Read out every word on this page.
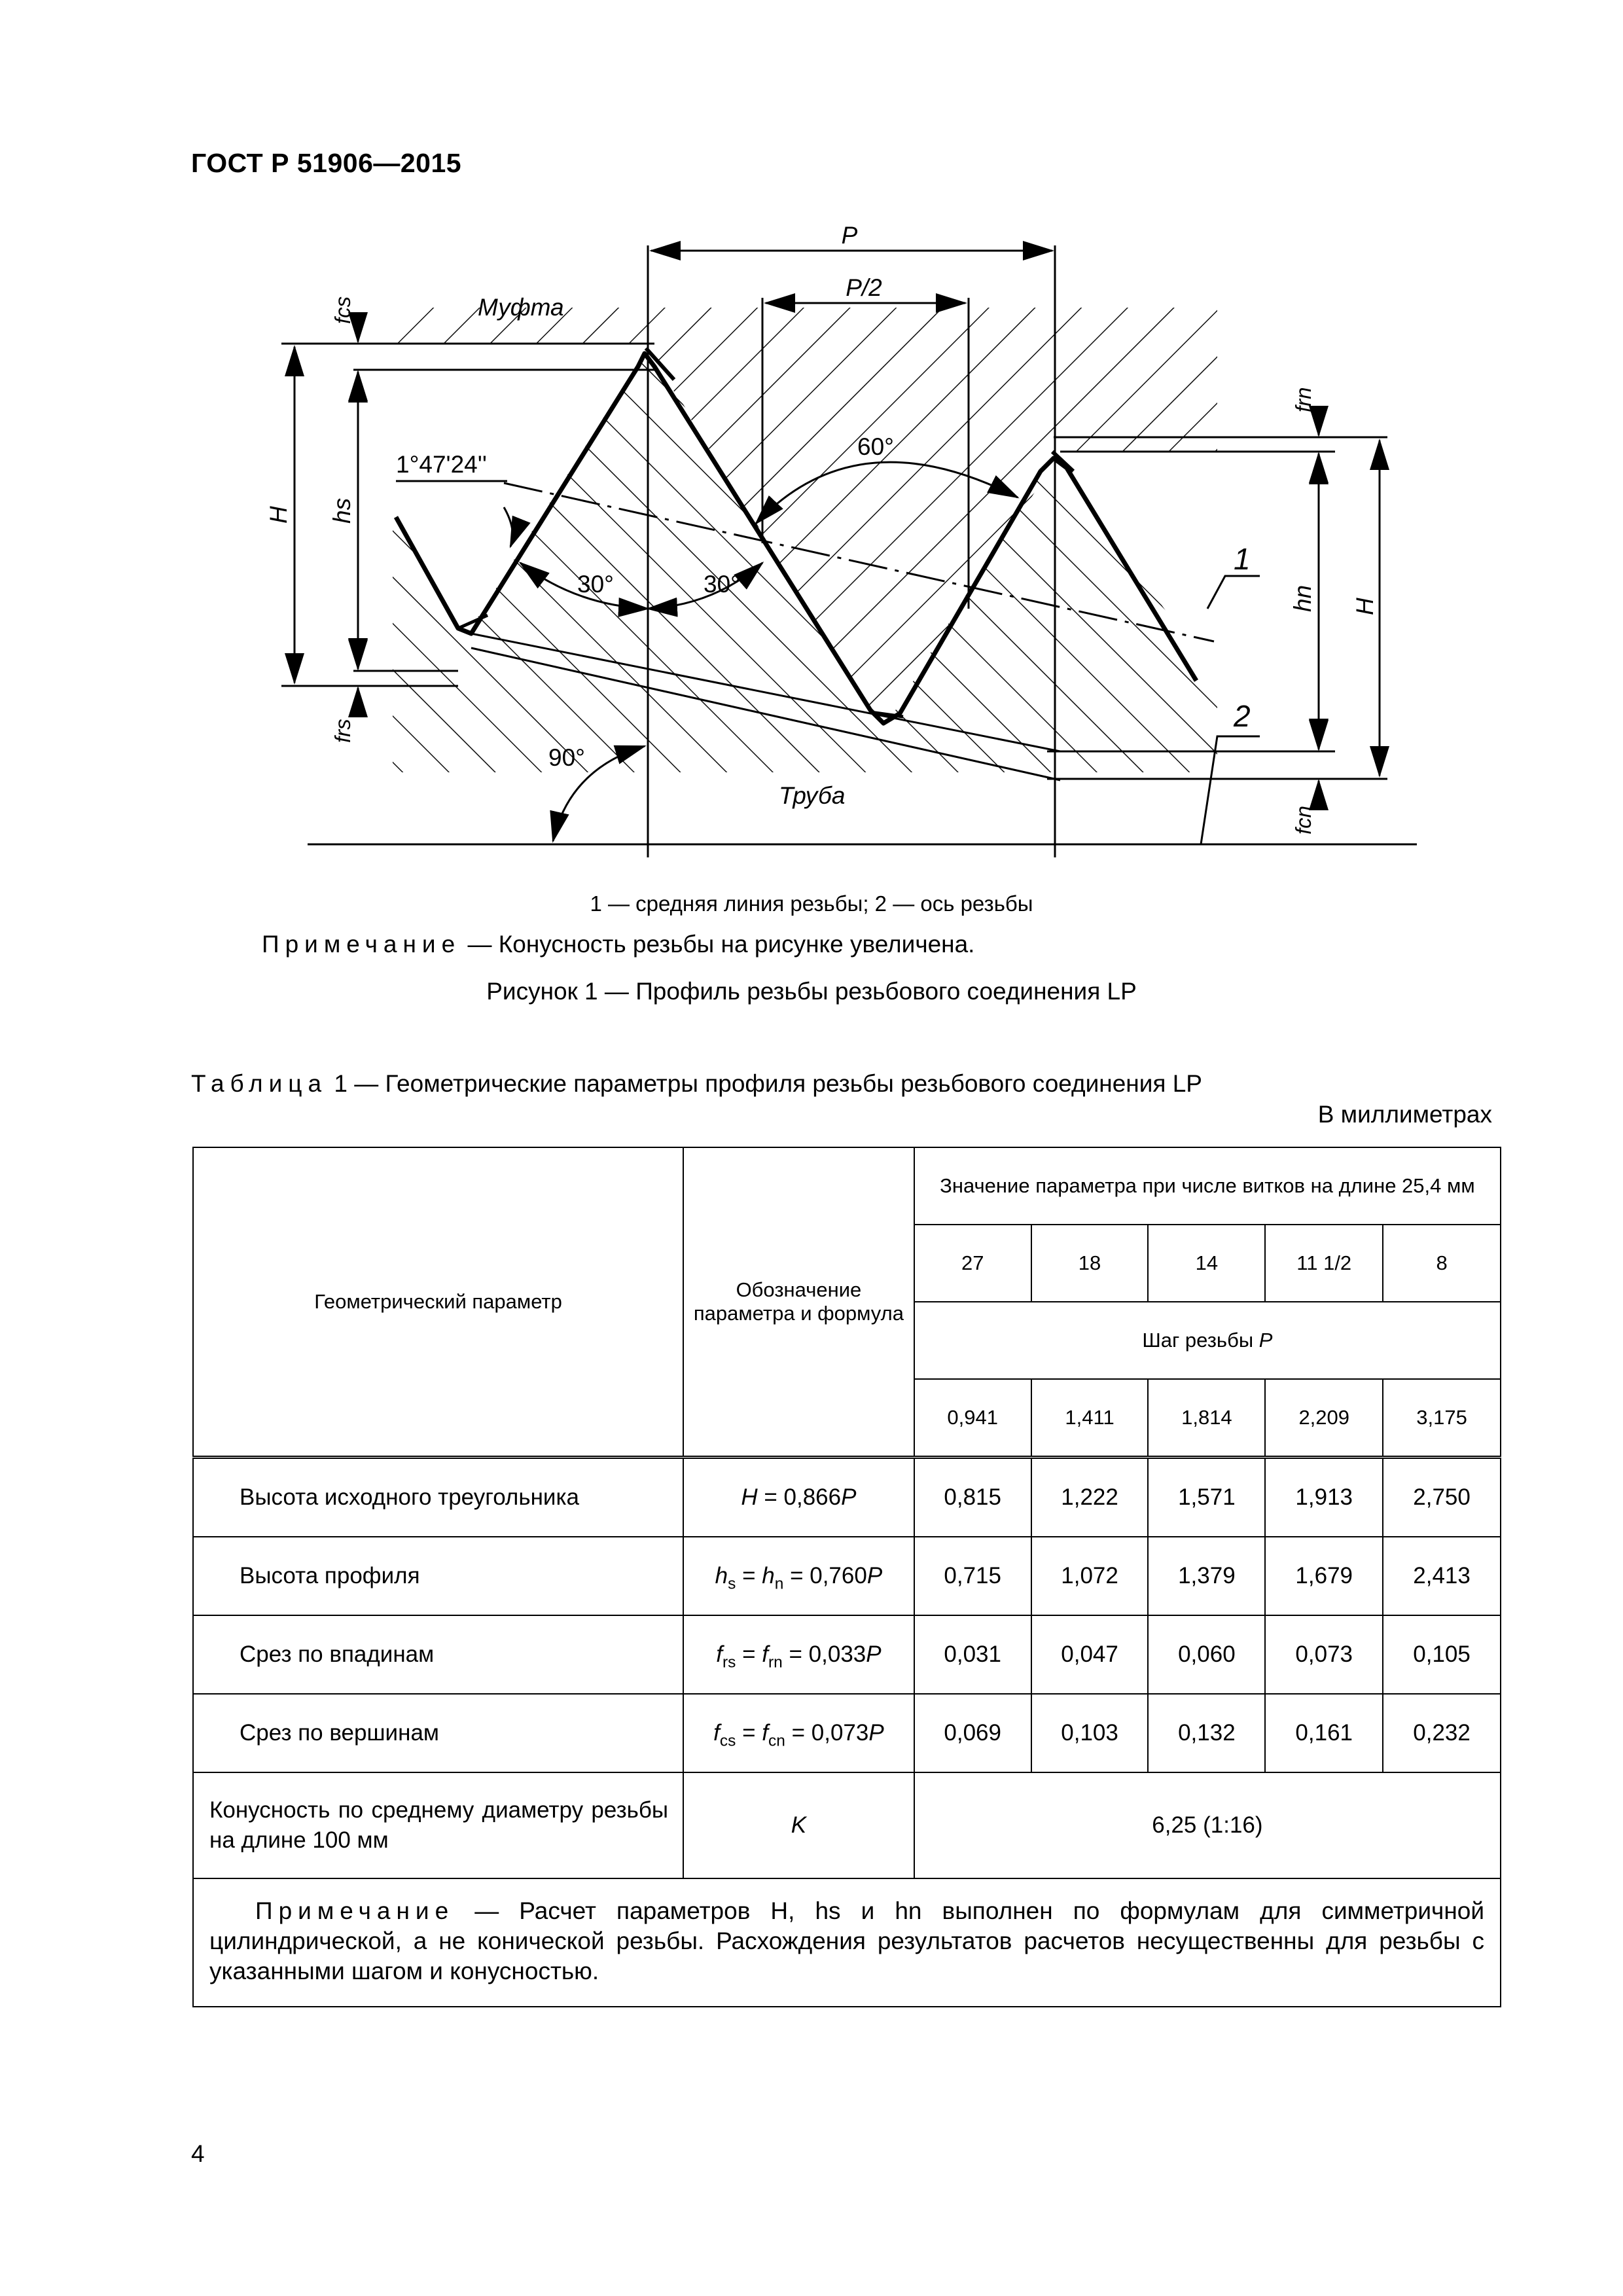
ГОСТ Р 51906—2015
P
P/2
Муфта
Труба
60°
30°	30°
90°
1°47'24''
H hs
fcs
frs
frn
hn
fcn
H
1
2
1 — средняя линия резьбы; 2 — ось резьбы
Примечание — Конусность резьбы на рисунке увеличена.
Рисунок 1 — Профиль резьбы резьбового соединения LP
Таблица 1 — Геометрические параметры профиля резьбы резьбового соединения LP
В миллиметрах
Геометрический параметр	Обозначение параметра и формула	Значение параметра при числе витков на длине 25,4 мм				
		27	18	14	11 1/2	8
		Шаг резьбы P				
		0,941	1,411	1,814	2,209	3,175
Высота исходного треугольника	H = 0,866P	0,815	1,222	1,571	1,913	2,750
Высота профиля	$h_s = h_n = 0,760P$	0,715	1,072	1,379	1,679	2,413
Срез по впадинам	$f_{rs} = f_{rn} = 0,033P$	0,031	0,047	0,060	0,073	0,105
Срез по вершинам	$f_{cs} = f_{cn} = 0,073P$	0,069	0,103	0,132	0,161	0,232
Конусность по среднему диаметру резьбы на длине 100 мм	K	6,25 (1:16)				
Примечание — Расчет параметров H, hs и hn выполнен по формулам для симметричной цилиндрической, а не конической резьбы. Расхождения результатов расчетов несущественны для резьбы с указанными шагом и конусностью.						
4
